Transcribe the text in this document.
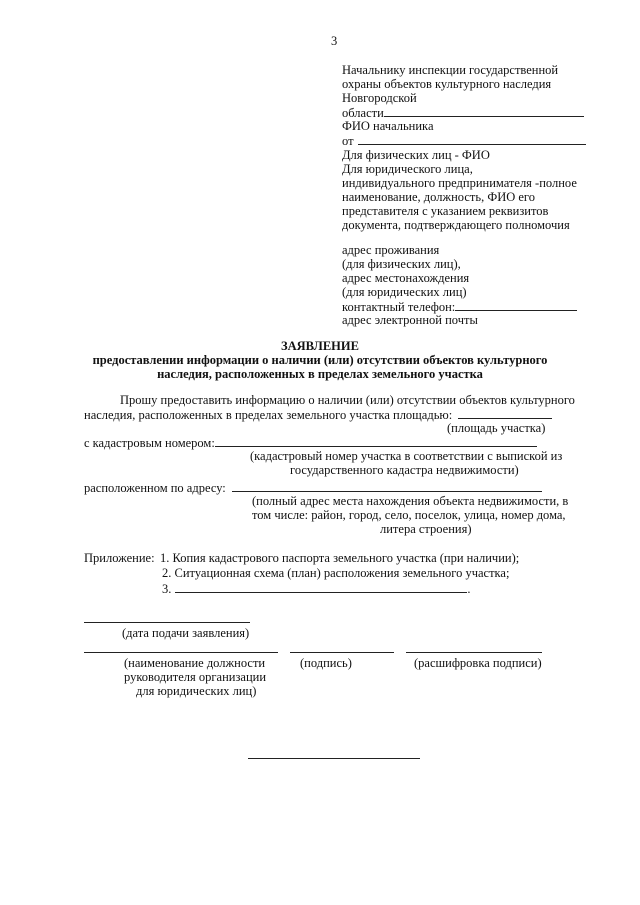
3
Начальнику инспекции государственной
охраны объектов культурного наследия
Новгородской
области
ФИО начальника
от
Для физических лиц - ФИО
Для юридического лица,
индивидуального предпринимателя -полное
наименование, должность, ФИО его
представителя с указанием реквизитов
документа, подтверждающего полномочия
адрес проживания
(для физических лиц),
адрес местонахождения
(для юридических лиц)
контактный телефон:
адрес электронной почты
ЗАЯВЛЕНИЕ
предоставлении информации о наличии (или) отсутствии объектов культурного
наследия, расположенных в пределах земельного участка
Прошу предоставить информацию о наличии (или) отсутствии объектов культурного
наследия, расположенных в пределах земельного участка площадью:
(площадь участка)
с кадастровым номером:
(кадастровый номер участка в соответствии с выпиской из
государственного кадастра недвижимости)
расположенном по адресу:
(полный адрес места нахождения объекта недвижимости, в
том числе: район, город, село, поселок, улица, номер дома,
литера строения)
Приложение: 1. Копия кадастрового паспорта земельного участка (при наличии);
2. Ситуационная схема (план) расположения земельного участка;
3.	.
(дата подачи заявления)
(наименование должности	(подпись)	(расшифровка подписи)
руководителя организации
для юридических лиц)
